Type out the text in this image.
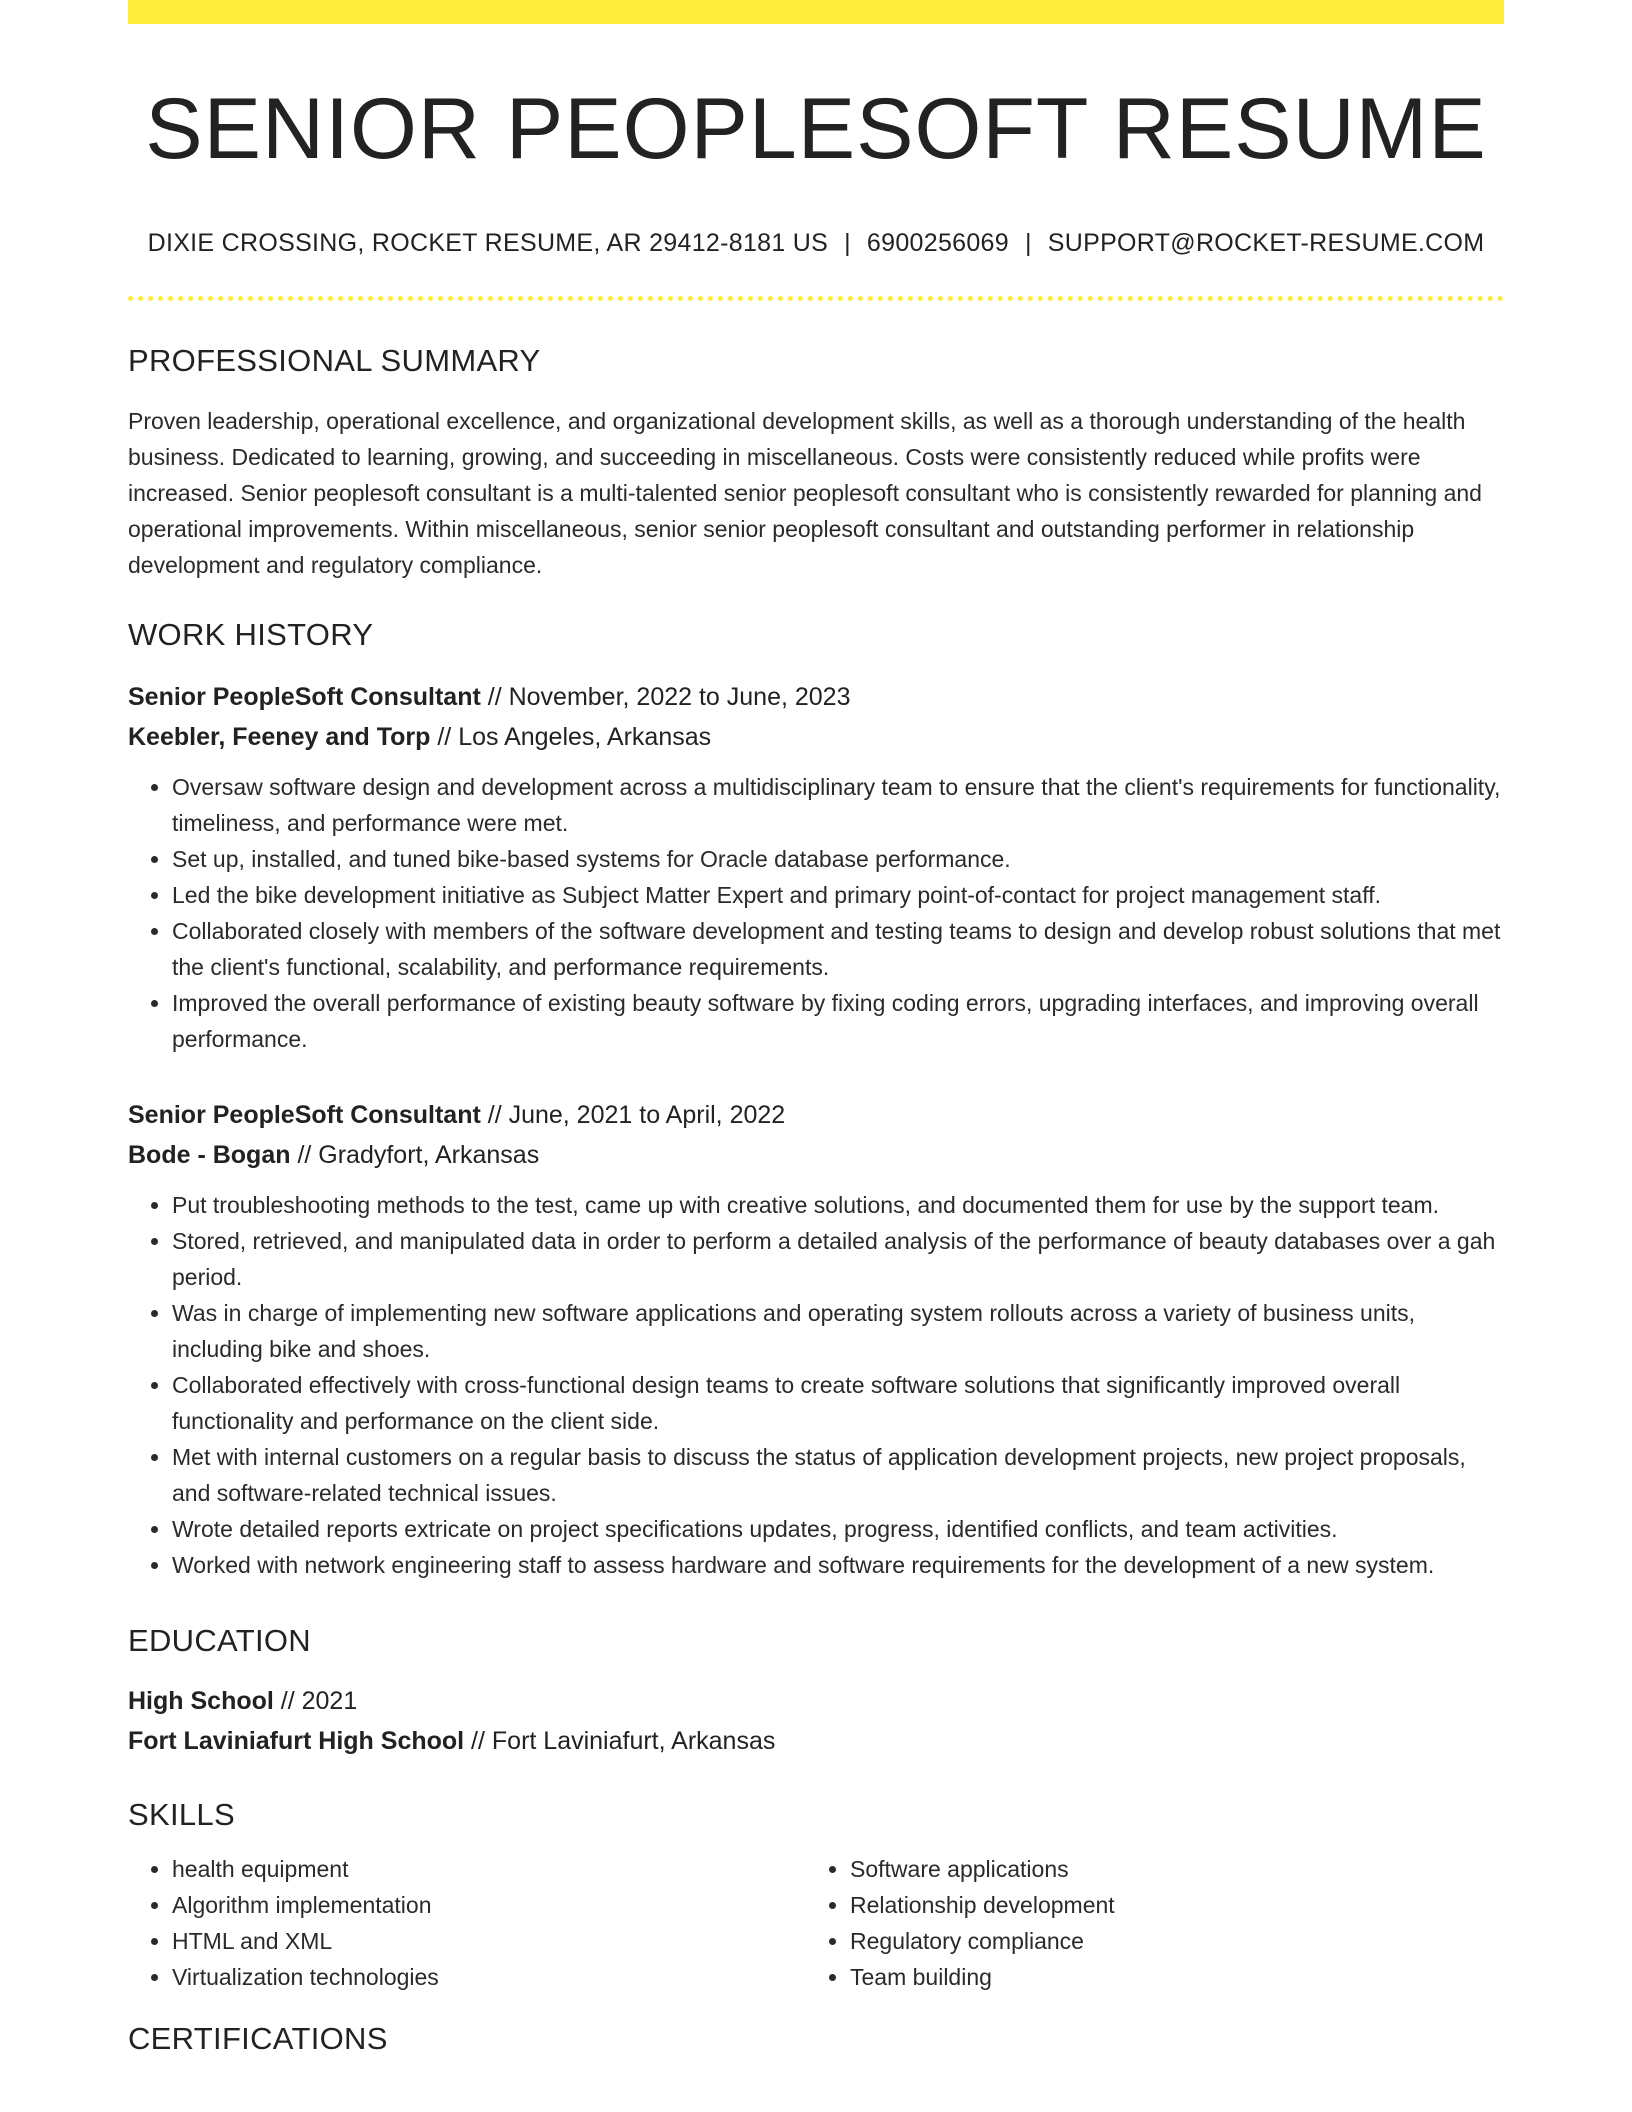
SENIOR PEOPLESOFT RESUME
DIXIE CROSSING, ROCKET RESUME, AR 29412-8181 US | 6900256069 | SUPPORT@ROCKET-RESUME.COM
PROFESSIONAL SUMMARY
Proven leadership, operational excellence, and organizational development skills, as well as a thorough understanding of the health business. Dedicated to learning, growing, and succeeding in miscellaneous. Costs were consistently reduced while profits were increased. Senior peoplesoft consultant is a multi-talented senior peoplesoft consultant who is consistently rewarded for planning and operational improvements. Within miscellaneous, senior senior peoplesoft consultant and outstanding performer in relationship development and regulatory compliance.
WORK HISTORY
Senior PeopleSoft Consultant // November, 2022 to June, 2023
Keebler, Feeney and Torp // Los Angeles, Arkansas
• Oversaw software design and development across a multidisciplinary team to ensure that the client's requirements for functionality, timeliness, and performance were met.
• Set up, installed, and tuned bike-based systems for Oracle database performance.
• Led the bike development initiative as Subject Matter Expert and primary point-of-contact for project management staff.
• Collaborated closely with members of the software development and testing teams to design and develop robust solutions that met the client's functional, scalability, and performance requirements.
• Improved the overall performance of existing beauty software by fixing coding errors, upgrading interfaces, and improving overall performance.
Senior PeopleSoft Consultant // June, 2021 to April, 2022
Bode - Bogan // Gradyfort, Arkansas
• Put troubleshooting methods to the test, came up with creative solutions, and documented them for use by the support team.
• Stored, retrieved, and manipulated data in order to perform a detailed analysis of the performance of beauty databases over a gah period.
• Was in charge of implementing new software applications and operating system rollouts across a variety of business units, including bike and shoes.
• Collaborated effectively with cross-functional design teams to create software solutions that significantly improved overall functionality and performance on the client side.
• Met with internal customers on a regular basis to discuss the status of application development projects, new project proposals, and software-related technical issues.
• Wrote detailed reports extricate on project specifications updates, progress, identified conflicts, and team activities.
• Worked with network engineering staff to assess hardware and software requirements for the development of a new system.
EDUCATION
High School // 2021
Fort Laviniafurt High School // Fort Laviniafurt, Arkansas
SKILLS
• health equipment
• Algorithm implementation
• HTML and XML
• Virtualization technologies
• Software applications
• Relationship development
• Regulatory compliance
• Team building
CERTIFICATIONS
